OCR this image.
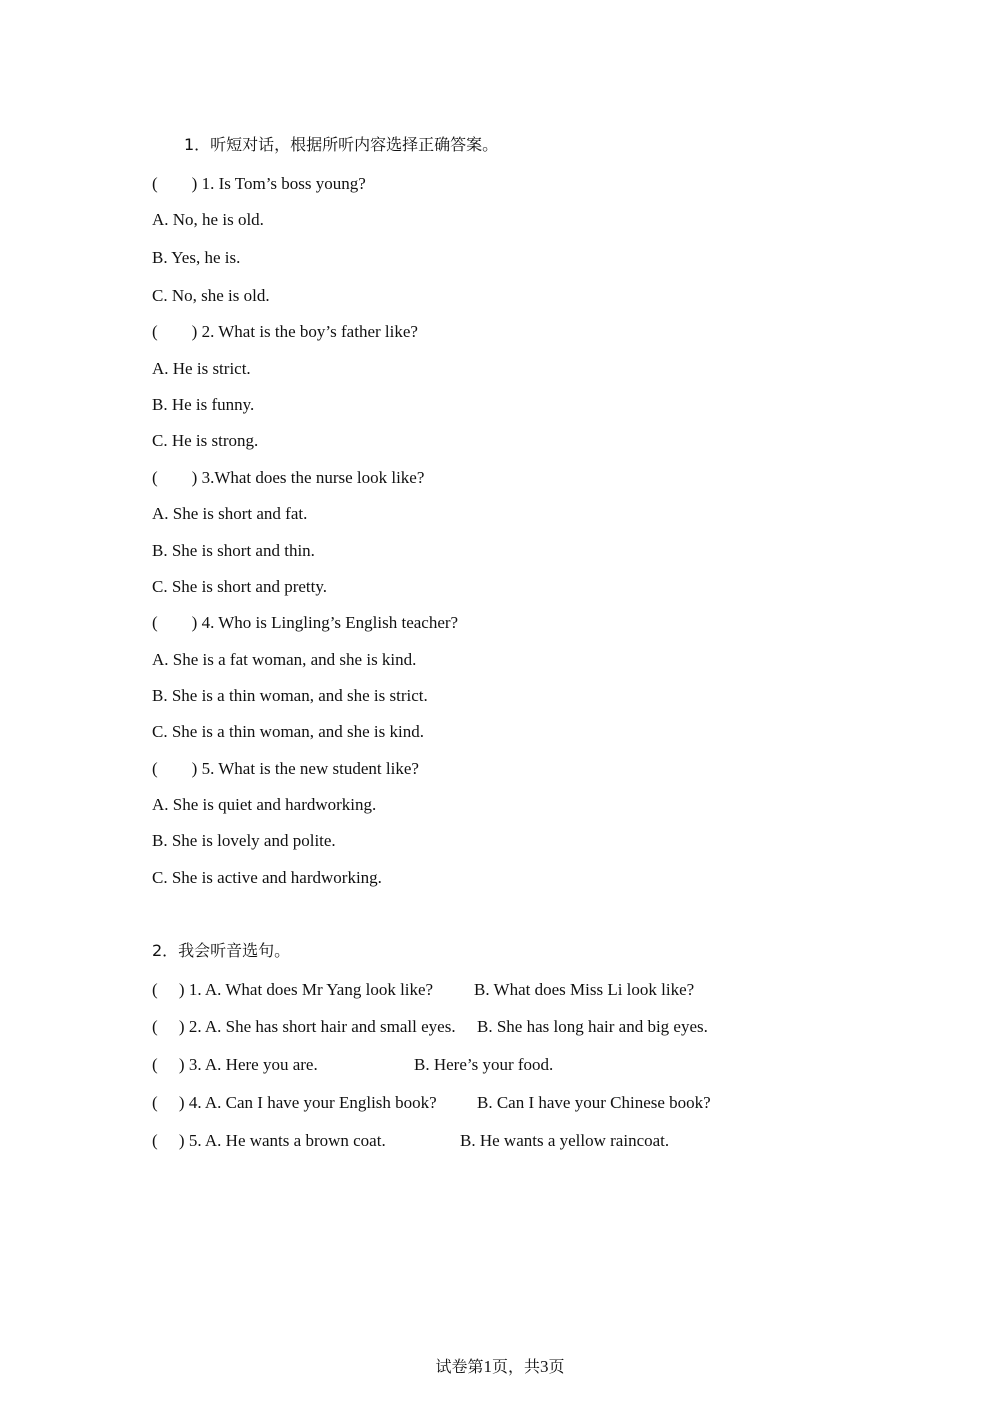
1．听短对话，根据所听内容选择正确答案。
(        ) 1. Is Tom’s boss young?
A. No, he is old.
B. Yes, he is.
C. No, she is old.
(        ) 2. What is the boy’s father like?
A. He is strict.
B. He is funny.
C. He is strong.
(        ) 3.What does the nurse look like?
A. She is short and fat.
B. She is short and thin.
C. She is short and pretty.
(        ) 4. Who is Lingling’s English teacher?
A. She is a fat woman, and she is kind.
B. She is a thin woman, and she is strict.
C. She is a thin woman, and she is kind.
(        ) 5. What is the new student like?
A. She is quiet and hardworking.
B. She is lovely and polite.
C. She is active and hardworking.
2．我会听音选句。
(     ) 1. A. What does Mr Yang look like? B. What does Miss Li look like?
(     ) 2. A. She has short hair and small eyes. B. She has long hair and big eyes.
(     ) 3. A. Here you are.	B. Here’s your food.
(     ) 4. A. Can I have your English book? B. Can I have your Chinese book?
(     ) 5. A. He wants a brown coat.	B. He wants a yellow raincoat.
试卷第1页，共3页
